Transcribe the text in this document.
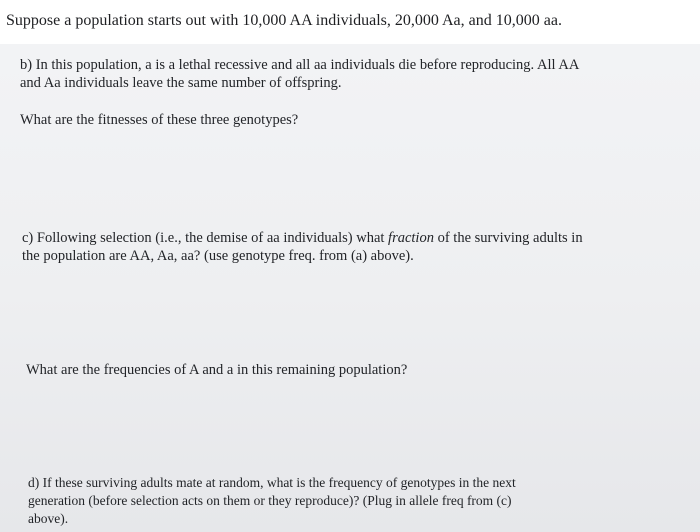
Suppose a population starts out with 10,000 AA individuals, 20,000 Aa, and 10,000 aa.
b) In this population, a is a lethal recessive and all aa individuals die before reproducing. All AA
and Aa individuals leave the same number of offspring.
What are the fitnesses of these three genotypes?
c) Following selection (i.e., the demise of aa individuals) what fraction of the surviving adults in
the population are AA, Aa, aa? (use genotype freq. from (a) above).
What are the frequencies of A and a in this remaining population?
d) If these surviving adults mate at random, what is the frequency of genotypes in the next
generation (before selection acts on them or they reproduce)? (Plug in allele freq from (c)
above).
